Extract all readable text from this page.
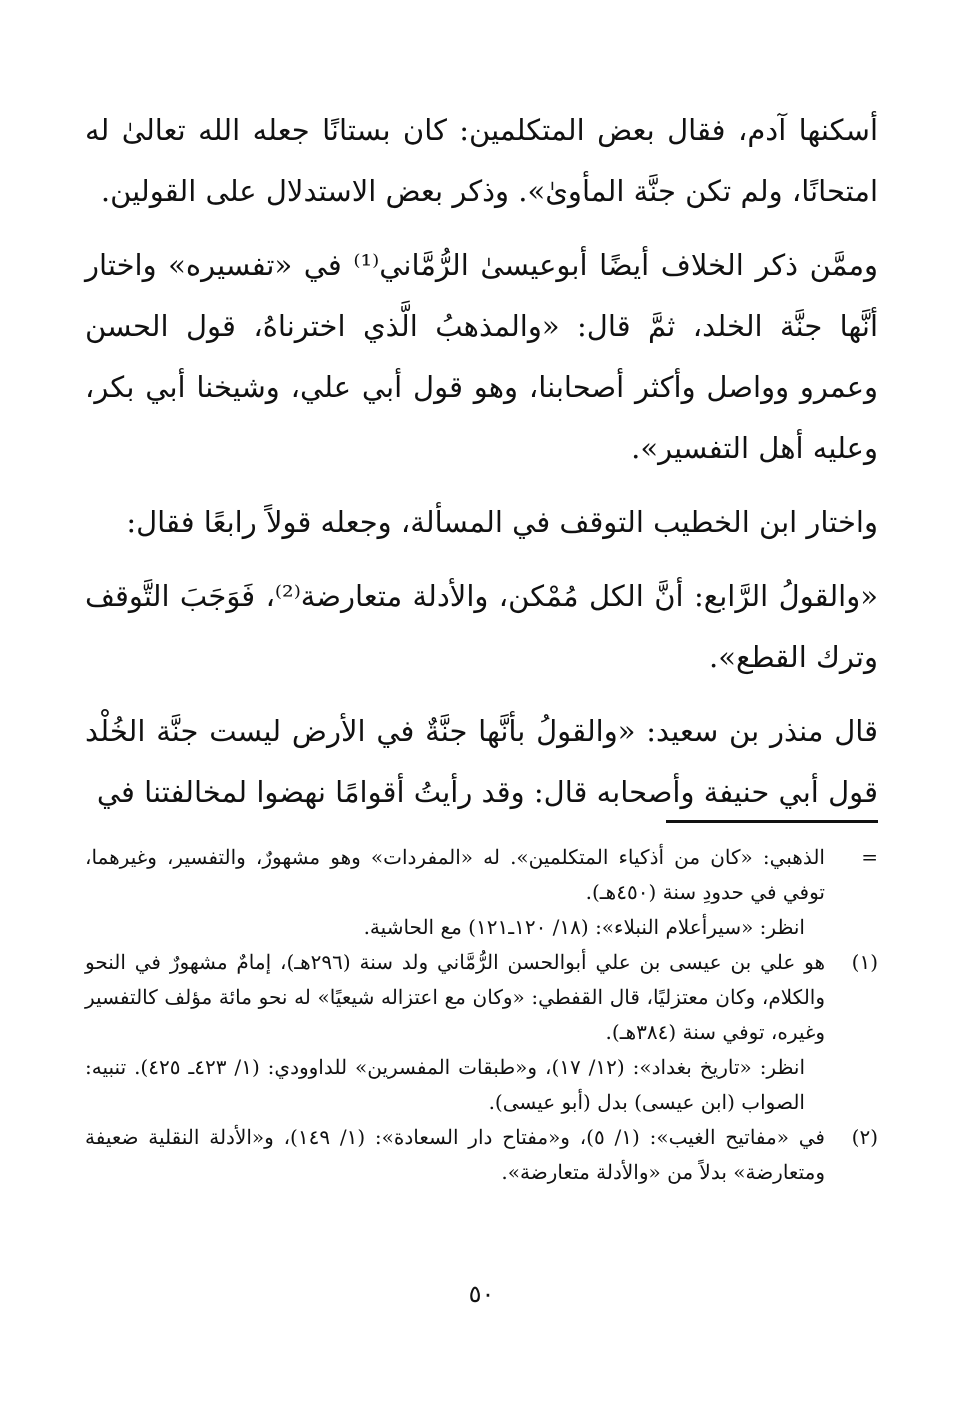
أسكنها آدم، فقال بعض المتكلمين: كان بستانًا جعله الله تعالىٰ له امتحانًا، ولم تكن جنَّة المأوىٰ». وذكر بعض الاستدلال على القولين.

وممَّن ذكر الخلاف أيضًا أبوعيسىٰ الرُّمَّاني⁽¹⁾ في «تفسيره» واختار أنَّها جنَّة الخلد، ثمَّ قال: «والمذهبُ الَّذي اخترناهُ، قول الحسن وعمرو وواصل وأكثر أصحابنا، وهو قول أبي علي، وشيخنا أبي بكر، وعليه أهل التفسير».

واختار ابن الخطيب التوقف في المسألة، وجعله قولاً رابعًا فقال:

«والقولُ الرَّابع: أنَّ الكل مُمْكن، والأدلة متعارضة⁽²⁾، فَوَجَبَ التَّوقف وترك القطع».

قال منذر بن سعيد: «والقولُ بأنَّها جنَّةٌ في الأرض ليست جنَّة الخُلْد قول أبي حنيفة وأصحابه قال: وقد رأيتُ أقوامًا نهضوا لمخالفتنا في

=
الذهبي: «كان من أذكياء المتكلمين». له «المفردات» وهو مشهورٌ، والتفسير، وغيرهما، توفي في حدودِ سنة (٤٥٠هـ).
انظر: «سيرأعلام النبلاء»: (١٨/ ١٢٠ـ١٢١) مع الحاشية.
(١)
هو علي بن عيسى بن علي أبوالحسن الرُّمَّاني ولد سنة (٢٩٦هـ)، إمامٌ مشهورٌ في النحو والكلام، وكان معتزليًا، قال القفطي: «وكان مع اعتزاله شيعيًا» له نحو مائة مؤلف كالتفسير وغيره، توفي سنة (٣٨٤هـ).
انظر: «تاريخ بغداد»: (١٢/ ١٧)، و«طبقات المفسرين» للداوودي: (١/ ٤٢٣ـ ٤٢٥). تنبيه: الصواب (ابن عيسى) بدل (أبو عيسى).
(٢)
في «مفاتيح الغيب»: (١/ ٥)، و«مفتاح دار السعادة»: (١/ ١٤٩)، و«الأدلة النقلية ضعيفة ومتعارضة» بدلاً من «والأدلة متعارضة».
٥٠
